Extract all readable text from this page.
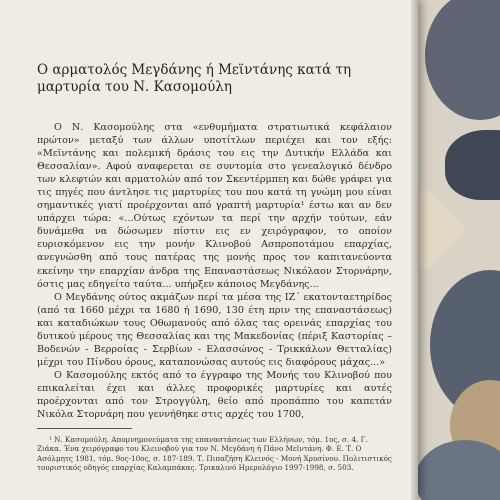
Ο αρματολός Μεγδάνης ή Μεϊντάνης κατά τη μαρτυρία του Ν. Κασομούλη

Ο Ν. Κασομούλης στα «ενθυμήματα στρατιωτικά κεφάλαιον πρώτον» μεταξύ των άλλων υποτίτλων περιέχει και τον εξής: «Μεϊντάνης και πολεμική δράσις του εις την Δυτικήν Ελλάδα και Θεσσαλίαν». Αφού αναφερεται σε συντομία στο γενεαλογικό δένδρο των κλεφτών και αρματολών από τον Σκεντέρμπεη και δώθε γράφει για τις πηγές που άντλησε τις μαρτυρίες του που κατά τη γνώμη μου είναι σημαντικές γιατί προέρχονται από γραπτή μαρτυρία¹ έστω και αν δεν υπάρχει τώρα: «...Ούτως εχόντων τα περί την αρχήν τούτων, εάν δυνάμεθα να δώσωμεν πίστιν εις εν χειρόγραφον, το οποίον ευρισκόμενον εις την μονήν Κλινοβού Ασπροποτάμου επαρχίας, ανεγνώσθη από τους πατέρας της μονής προς τον καπιτανεύοντα εκείνην την επαρχίαν άνδρα της Επαναστάσεως Νικόλαον Στορνάρην, όστις μας εδηγείτο ταύτα... υπήρξεν κάποιος Μεγδάνης...

Ο Μεγδάνης ούτος ακμάζων περί τα μέσα της ΙΖ΄ εκατονταετηρίδος (από τα 1660 μέχρι τα 1680 ή 1690, 130 έτη πριν της επαναστάσεως) και καταδιώκων τους Οθωμανούς από όλας τας ορεινάς επαρχίας του δυτικού μέρους της Θεσσαλίας και της Μακεδονίας (πέριξ Καστορίας – Βοδενών - Βερροίας - Σερβίων - Ελασσώνος - Τρικκάλων Θετταλίας) μέχρι του Πίνδου όρους, καταπονώσας αυτούς εις διαφόρους μάχας...»

Ο Κασομούλης εκτός από το έγγραφο της Μονής του Κλινοβού που επικαλείται έχει και άλλες προφορικές μαρτυρίες και αυτές προέρχονται από τον Στρογγύλη, θείο από προπάππο του καπετάν Νικόλα Στορνάρη που γεννήθηκε στις αρχές του 1700,

¹ Ν. Κασομούλη. Απομνημονεύματα της επαναστάσεως των Ελλήνων, τόμ. 1ος, σ. 4. Γ. Ζιάκα. Ένα χειρόγραφο του Κλεινοβού για τον Ν. Μεγδάνη ή Πάνο Μεϊντάνη. Φ. Ε. Τ. Ο Ασόλμητς 1981, τόμ. 9ος-10ος, σ. 187-189. Τ. Πιπαζήση Κλεινός - Μονή Χρυσίνου. Πολιτιστικός τουριστικός οδηγός επαρχίας Καλαμπάκας. Τρικαλινό Ημερολόγιο 1997-1998, σ. 503.
